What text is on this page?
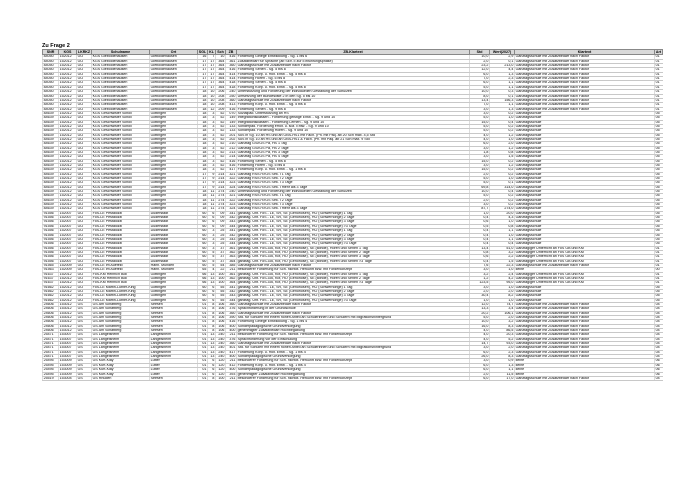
Zu Frage 2
SNR	KGS	LKRKZ	Schulname	Ort	SGL	KL	Sch	ZB	ZB-Klartext	Std	Wert(2027)	Klartext	Art
84050	152012	GÖ	KGS Gieboldehausen	Gieboldehausen	16	7	10	416	Förderung Gelege Entwicklung - Sg. 1 bis 6	10,0	2,9	Ganztagsschule mit Zusatzbedarf nach Faktor	01
84050	152012	GÖ	KGS Gieboldehausen	Gieboldehausen	17	17	364	361	Zusatzbedarf für Sprache (ab SEK II zur Einführungsphase)	2,0	0,1	Ganztagsschule mit Zusatzbedarf nach Faktor	01
84050	152012	GÖ	KGS Gieboldehausen	Gieboldehausen	17	17	364	360	Ganztagsschule mit Zusatzbedarf nach Faktor	23,2	213,0	Ganztagsschule mit Zusatzbedarf nach Faktor	01
84050	152012	GÖ	KGS Gieboldehausen	Gieboldehausen	17	17	364	416	Förderung Sehen - Sg. 5 bis 8	12,0	4,4	Ganztagsschule mit Zusatzbedarf nach Faktor	01
84050	152012	GÖ	KGS Gieboldehausen	Gieboldehausen	17	17	364	414	Förderung Körp. u. mot. Entw. - Sg. 5 bis 8	6,0	1,3	Ganztagsschule mit Zusatzbedarf nach Faktor	01
84050	152012	GÖ	KGS Gieboldehausen	Gieboldehausen	17	17	364	414	Förderung Hören - Sg. 5 bis 8	7,0	2,3	Ganztagsschule mit Zusatzbedarf nach Faktor	01
84050	152012	GÖ	KGS Gieboldehausen	Gieboldehausen	17	17	364	418	Förderung Sehen - Sg. 5 bis 8	6,0	1,1	Ganztagsschule mit Zusatzbedarf nach Faktor	01
84050	152012	GÖ	KGS Gieboldehausen	Gieboldehausen	17	17	364	418	Förderung Körp. u. mot. Entw. - Sg. 5 bis 8	5,0	1,1	Ganztagsschule mit Zusatzbedarf nach Faktor	01
84050	152012	GÖ	KGS Gieboldehausen	Gieboldehausen	18	10	206	240	Unterstützung und Förderung der individuellen Gestaltung der Schulzeit	10,0	0,3	Ganztagsschule mit Zusatzbedarf nach Faktor	01
84050	152012	GÖ	KGS Gieboldehausen	Gieboldehausen	18	10	208	250	Umsetzung der Bundesliste 2 in den Sg. 5 bis 10	8,0	0,1	Ganztagsschule mit Zusatzbedarf nach Faktor	01
84050	152012	GÖ	KGS Gieboldehausen	Gieboldehausen	18	10	208	360	Ganztagsschule mit Zusatzbedarf nach Faktor	13,4	156,3	Ganztagsschule mit Zusatzbedarf nach Faktor	01
84050	152012	GÖ	KGS Gieboldehausen	Gieboldehausen	18	10	208	413	Förderung Körp. u. mot. Entw. - Sg. 5 bis 8	7,0	1,1	Ganztagsschule mit Zusatzbedarf nach Faktor	01
84050	152012	GÖ	KGS Gieboldehausen	Gieboldehausen	18	12	209	416	Förderung Sehen - Sg. 9 bis 8	3,0	1,3	Ganztagsschule mit Zusatzbedarf nach Faktor	01
84639	152012	GÖ	KGS Geschwister Scholl	Göttingen	18	3	52	070	Sozialpäd. Unterstützung an HS	3,0	0,2	Ganztagsschule	05
84639	152012	GÖ	KGS Geschwister Scholl	Göttingen	18	3	52	149	Integrationsklassen - Förderung geistige Entw. - Sg. 9 und 10	5,0	1,0	Ganztagsschule	05
84639	152012	GÖ	KGS Geschwister Scholl	Göttingen	18	3	52	149	Integrationsklassen - Förderung Lernen - Sg. 9 und 10	15,0	0,4	Ganztagsschule	05
84639	152012	GÖ	KGS Geschwister Scholl	Göttingen	18	3	52	133	Sonderpäd. Förderung emot. u. soz. Entw. - Sg. 9 und 10	5,0	0,2	Ganztagsschule	05
84639	152012	GÖ	KGS Geschwister Scholl	Göttingen	18	3	52	133	Sonderpäd. Förderung Hören - Sg. 9 und 10	5,0	0,2	Ganztagsschule	05
84639	152012	GÖ	KGS Geschwister Scholl	Göttingen	18	3	52	201	SuS in Sg. 10 an HS und an OBS-HS1 mit Fach. (Pfl. mit Päq. ab 20 Sch max. 4,5 Std	4,0	1,2	Ganztagsschule	05
84639	152012	GÖ	KGS Geschwister Scholl	Göttingen	18	3	52	202	SuS in Sg. 10 an HS und an OBS-HS1 & Fach. (Pfl. mit Päq. ab 21 Sch max. 9 Std	4,0	1,0	Ganztagsschule	05
84639	152012	GÖ	KGS Geschwister Scholl	Göttingen	18	3	52	210	Ganztag GS/IGS Pä, HS 1 Tag	6,0	2,0	Ganztagsschule	05
84639	152012	GÖ	KGS Geschwister Scholl	Göttingen	18	3	52	212	Ganztag GS/IGS Pä, HS 2 Tage	3,0	1,2	Ganztagsschule	05
84639	152012	GÖ	KGS Geschwister Scholl	Göttingen	18	3	52	213	Ganztag GS/IGS Pä, HS 3 Tage	1,8	0,8	Ganztagsschule	05
84639	152012	GÖ	KGS Geschwister Scholl	Göttingen	18	3	52	214	Ganztag GS/IGS Pä, HS 4 Tage	3,0	1,5	Ganztagsschule	05
84639	152012	GÖ	KGS Geschwister Scholl	Göttingen	18	3	52	416	Förderung Sehen - Sg. 5 bis 8	15,0	0,2	Ganztagsschule	05
84639	152012	GÖ	KGS Geschwister Scholl	Göttingen	18	3	52	416	Förderung Hören - Sg. 5 bis 8	3,0	1,2	Ganztagsschule	05
84639	152012	GÖ	KGS Geschwister Scholl	Göttingen	18	3	52	417	Förderung Körp. u. mot. Entw. - Sg. 1 bis 8	15,0	0,2	Ganztagsschule	05
84639	152012	GÖ	KGS Geschwister Scholl	Göttingen	17	9	214	321	Ganztag RS/GY/IGS Sek. I 1 Tag	2,0	0,2	Ganztagsschule	05
84639	152012	GÖ	KGS Geschwister Scholl	Göttingen	17	9	214	322	Ganztag RS/GY/IGS Sek. I 2 Tage	5,0	1,0	Ganztagsschule	05
84639	152012	GÖ	KGS Geschwister Scholl	Göttingen	17	9	214	323	Ganztag RS/GY/IGS Sek. I 3 Tage	5,0	0,1	Ganztagsschule	05
84639	152012	GÖ	KGS Geschwister Scholl	Göttingen	17	9	214	324	Ganztag RS/GY/IGS Sek. I mehr als 3 Tage	69,8	314,0	Ganztagsschule	05
84639	152012	GÖ	KGS Geschwister Scholl	Göttingen	18	11	274	240	Unterstützung und Förderung der individuellen Gestaltung der Schulzeit	10,0	0,4	Ganztagsschule	05
84639	152012	GÖ	KGS Geschwister Scholl	Göttingen	18	11	274	321	Ganztag RS/GY/IGS Sek. I 1 Tag	5,0	0,2	Ganztagsschule	05
84639	152012	GÖ	KGS Geschwister Scholl	Göttingen	18	11	274	322	Ganztag RS/GY/IGS Sek. I 2 Tage	2,0	0,2	Ganztagsschule	05
84639	152012	GÖ	KGS Geschwister Scholl	Göttingen	18	11	274	323	Ganztag RS/GY/IGS Sek. I 3 Tage	3,0	0,2	Ganztagsschule	05
84639	152012	GÖ	KGS Geschwister Scholl	Göttingen	18	11	274	324	Ganztag RS/GY/IGS Sek. I mehr als 3 Tage	87,7	274,0	Ganztagsschule	05
91556	152007	GÖ	FöS-LE Pestalozzi	Duderstadt	60	6	09	341	ganztäg. Unt. FöS - LE, SR, SE (Gehörlosen), HÖ (Schwerhörige) 1 Tag	1,0	20,0	Ganztagsschule	05
91556	152007	GÖ	FöS-LE Pestalozzi	Duderstadt	60	6	09	342	ganztäg. Unt. FöS - LE, SR, SE (Gehörlosen), HÖ (Schwerhörige) 2 Tage	0,4	4,3	Ganztagsschule	05
91556	152007	GÖ	FöS-LE Pestalozzi	Duderstadt	60	6	09	343	ganztäg. Unt. FöS - LE, SR, SE (Gehörlosen), HÖ (Schwerhörige) 3 Tage	0,6	1,0	Ganztagsschule	05
91556	152007	GÖ	FöS-LE Pestalozzi	Duderstadt	60	6	09	344	ganztäg. Unt. FöS - LE, SR, SE (Gehörlosen), HÖ (Schwerhörige) >3 Tage	0,5	0,8	Ganztagsschule	05
91556	152007	GÖ	FöS-LE Pestalozzi	Duderstadt	60	3	25	341	ganztäg. Unt. FöS - LE, SR, SE (Gehörlosen), HÖ (Schwerhörige) 1 Tag	0,4	1,1	Ganztagsschule	05
91556	152007	GÖ	FöS-LE Pestalozzi	Duderstadt	60	3	25	342	ganztäg. Unt. FöS - LE, SR, SE (Gehörlosen), HÖ (Schwerhörige) 2 Tage	0,4	1,0	Ganztagsschule	05
91556	152007	GÖ	FöS-LE Pestalozzi	Duderstadt	60	3	25	343	ganztäg. Unt. FöS - LE, SR, SE (Gehörlosen), HÖ (Schwerhörige) 3 Tage	0,4	1,1	Ganztagsschule	05
91556	152007	GÖ	FöS-LE Pestalozzi	Duderstadt	60	3	25	344	ganztäg. Unt. FöS - LE, SR, SE (Gehörlosen), HÖ (Schwerhörige) >3 Tage	0,4	0,4	Ganztagsschule	05
91556	152007	GÖ	FöS-LE Pestalozzi	Duderstadt	60	3	37	361	ganztäg. Unt. FöS-GB, KM, HÖ (Gehörlose), SE (Blinde), Hören und Sehen 1 Tag	13,4	51,0	Ganztägiger Unterricht an FöS GB und KM	01
91556	152007	GÖ	FöS-LE Pestalozzi	Duderstadt	60	5	37	362	ganztäg. Unt. FöS-GB, KM, HÖ (Gehörlose), SE (Blinde), Hören und Sehen 2 Tage	0,8	3,2	Ganztägiger Unterricht an FöS GB und KM	01
91556	152007	GÖ	FöS-LE Pestalozzi	Duderstadt	60	5	37	363	ganztäg. Unt. FöS-GB, KM, HÖ (Gehörlose), SE (Blinde), Hören und Sehen 3 Tage	0,6	2,2	Ganztägiger Unterricht an FöS GB und KM	01
91556	152007	GÖ	FöS-LE Pestalozzi	Duderstadt	60	5	37	364	ganztäg. Unt. FöS-GB, KM, HÖ (Gehörlose), SE (Blinde), Hören und Sehen >3 Tage	0,4	1,5	Ganztägiger Unterricht an FöS GB und KM	01
91565	152009	GÖ	FöS-LE im Auefeld	Hann. Münden	60	5	54	385	Ganztagsschule mit Zusatzbedarf nach Faktor	7,6	22,3	Ganztagsschule mit Zusatzbedarf nach Faktor	01
91563	152009	GÖ	FöS-LE im Auefeld	Hann. Münden	65	4	22	211	besonderer Förderung für Sch. nichtdt. Herkunft bzw. mit Förderkonzept	3,0	1,0	keine	00
91637	152012	GÖ	FöS-KM Heinrich Böll	Göttingen	66	13	100	361	ganztäg. Unt. FöS-GB, KM, HÖ (Gehörlose), SE (Blinde), Hören und Sehen 1 Tag	3,2	2,4	Ganztägiger Unterricht an FöS GB und KM	01
91637	152012	GÖ	FöS-KM Heinrich Böll	Göttingen	66	13	100	362	ganztäg. Unt. FöS-GB, KM, HÖ (Gehörlose), SE (Blinde), Hören und Sehen 2 Tage	1,2	4,2	Ganztägiger Unterricht an FöS GB und KM	01
91637	152012	GÖ	FöS-KM Heinrich Böll	Göttingen	66	13	100	364	ganztäg. Unt. FöS-GB, KM, HÖ (Gehörlose), SE (Blinde), Hören und Sehen >3 Tage	123,5	95,0	Ganztägiger Unterricht an FöS GB und KM	01
91662	152012	GÖ	FöS-LE Martin-Luther-King	Göttingen	60	6	55	341	ganztäg. Unt. FöS - LE, SR, SE (Gehörlosen), HÖ (Schwerhörige) 1 Tag	3,0	1,0	Ganztagsschule	05
91662	152012	GÖ	FöS-LE Martin-Luther-King	Göttingen	60	6	55	342	ganztäg. Unt. FöS - LE, SR, SE (Gehörlosen), HÖ (Schwerhörige) 2 Tage	2,0	2,0	Ganztagsschule	05
91662	152012	GÖ	FöS-LE Martin-Luther-King	Göttingen	60	6	55	343	ganztäg. Unt. FöS - LE, SR, SE (Gehörlosen), HÖ (Schwerhörige) 3 Tage	30,4	8,2	Ganztagsschule	05
91662	152012	GÖ	FöS-LE Martin-Luther-King	Göttingen	60	6	55	344	ganztäg. Unt. FöS - LE, SR, SE (Gehörlosen), HÖ (Schwerhörige) >3 Tage	1,0	1,0	Ganztagsschule	05
24606	153012	GS	GS Am Schäfberg	Seesen	01	8	106	360	Ganztagsschule mit Zusatzbedarf nach Faktor	12,0	74,7	Ganztagsschule mit Zusatzbedarf nach Faktor	04
24606	153012	GS	GS Am Schäfberg	Seesen	01	8	106	376	Sprachförderung in der Grundschule	13,3	3,4	Ganztagsschule mit Zusatzbedarf nach Faktor	04
24606	153012	GS	GS Am Schäfberg	Seesen	01	8	106	360	Ganztagsschule mit Zusatzbedarf nach Faktor	20,2	106,1	Ganztagsschule mit Zusatzbedarf nach Faktor	04
24606	153012	GS	GS Am Schäfberg	Seesen	01	8	106	390	Std. für Schulen mit einem hohen Anteil an Schülerinnen und Schülern mit Migrationshintergrund	5,0	2,0	Ganztagsschule mit Zusatzbedarf nach Faktor	04
24606	153012	GS	GS Am Schäfberg	Seesen	01	8	106	416	Förderung Gelege Entwicklung - Sg. 1 bis 4	10,0	3,2	Ganztagsschule mit Zusatzbedarf nach Faktor	04
24606	153012	GS	GS Am Schäfberg	Seesen	01	8	106	400	Sonderpädagogische Grundversorgung	16,0	8,3	Ganztagsschule mit Zusatzbedarf nach Faktor	04
24606	153012	GS	GS Am Schäfberg	Seesen	01	8	106	400	genehmigter Zusatzbedarf Hochbegabung	4,0	86,5	Ganztagsschule mit Zusatzbedarf nach Faktor	04
25471	153007	GS	GS Langelsheim	Langelsheim	01	13	240	211	besonderer Förderung für Sch. nichtdt. Herkunft bzw. mit Förderkonzept	4,0	20,3	Ganztagsschule mit Zusatzbedarf nach Faktor	04
25471	153007	GS	GS Langelsheim	Langelsheim	01	13	240	376	Sprachförderung vor der Einschulung	4,0	5,2	Ganztagsschule mit Zusatzbedarf nach Faktor	04
25471	153007	GS	GS Langelsheim	Langelsheim	01	13	240	360	Ganztagsschule mit Zusatzbedarf nach Faktor	14,7	93,0	Ganztagsschule mit Zusatzbedarf nach Faktor	04
25471	153007	GS	GS Langelsheim	Langelsheim	01	13	240	401	Std. für Schulen mit einem hohen Anteil an Schülerinnen und Schülern mit Migrationshintergrund	3,0	2,0	Ganztagsschule mit Zusatzbedarf nach Faktor	04
25471	153007	GS	GS Langelsheim	Langelsheim	01	13	240	417	Förderung Körp. u. mot. Entw. - Sg. 1 bis 4	6,0	2,3	Ganztagsschule mit Zusatzbedarf nach Faktor	04
25471	153007	GS	GS Langelsheim	Langelsheim	01	13	240	400	Sonderpädagogische Grundversorgung	26,0	8,3	Ganztagsschule mit Zusatzbedarf nach Faktor	04
25495	153009	GS	GS Kurt-Klay	Lutter	01	6	120	211	besonderer Förderung für Sch. nichtdt. Herkunft bzw. mit Förderkonzept	3,0	0,9	keine	06
25495	153009	GS	GS Kurt-Klay	Lutter	01	6	120	412	Förderung Körp. u. mot. Entw. - Sg. 1 bis 4	6,0	1,3	keine	06
25495	153009	GS	GS Kurt-Klay	Lutter	01	6	120	400	Sonderpädagogische Grundversorgung	6,0	1,1	keine	06
25495	153009	GS	GS Kurt-Klay	Lutter	01	6	120	393	genehmigter Zusatzbedarf Hochbegabung	2,0	11,5	keine	06
25519	153004	GS	GS Rhüden	Seesen	01	8	100	211	besonderer Förderung für Sch. nichtdt. Herkunft bzw. mit Förderkonzept	6,0	17,0	Ganztagsschule mit Zusatzbedarf nach Faktor	04
